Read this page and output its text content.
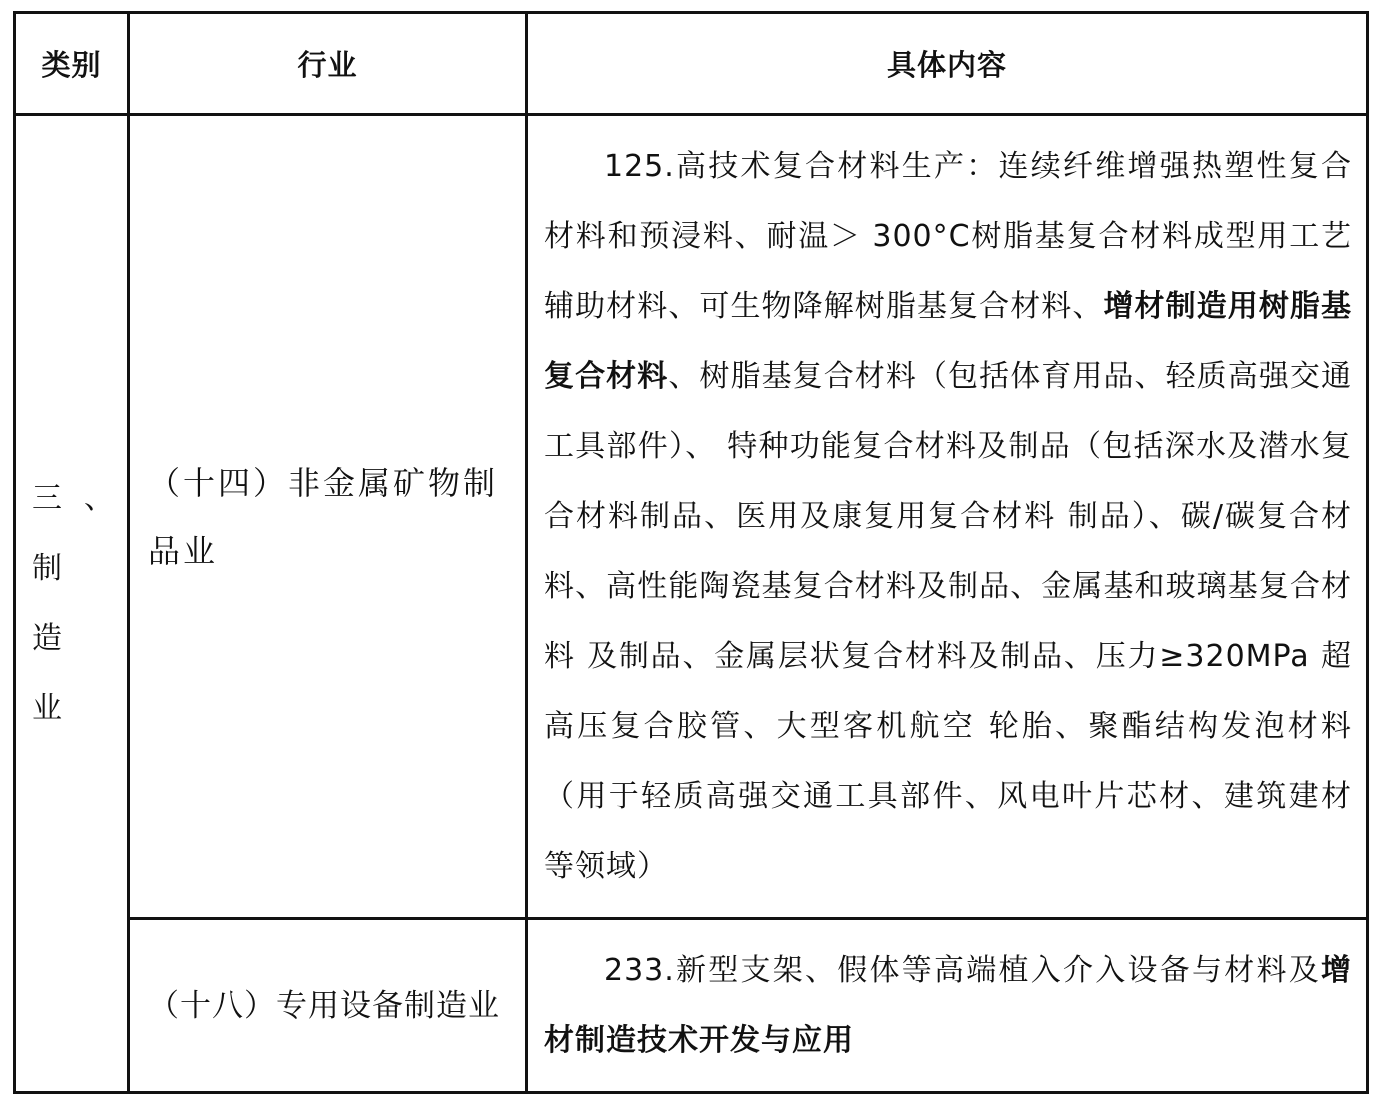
类别	行业	具体内容
三、制造业	（十四）非金属矿物制品业	125.高技术复合材料生产：连续纤维增强热塑性复合材料和预浸料、耐温＞ 300°C树脂基复合材料成型用工艺辅助材料、可生物降解树脂基复合材料、增材制造用树脂基复合材料、树脂基复合材料（包括体育用品、轻质高强交通工具部件）、 特种功能复合材料及制品（包括深水及潜水复合材料制品、医用及康复用复合材料 制品）、碳/碳复合材料、高性能陶瓷基复合材料及制品、金属基和玻璃基复合材料 及制品、金属层状复合材料及制品、压力≥320MPa 超高压复合胶管、大型客机航空 轮胎、聚酯结构发泡材料（用于轻质高强交通工具部件、风电叶片芯材、建筑建材 等领域）

	（十八）专用设备制造业	233.新型支架、假体等高端植入介入设备与材料及增材制造技术开发与应用
